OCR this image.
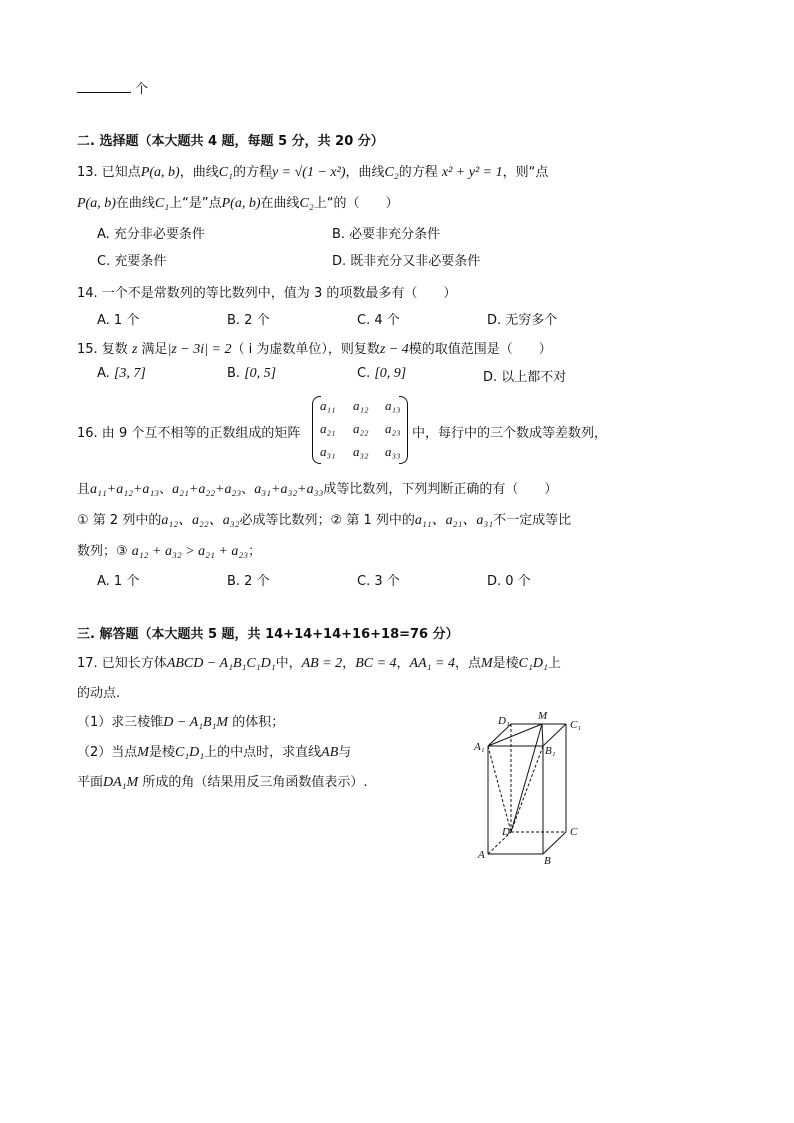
个
二. 选择题（本大题共 4 题，每题 5 分，共 20 分）
13. 已知点P(a, b)，曲线C₁的方程y = √(1 − x²)，曲线C₂的方程 x² + y² = 1，则“点
P(a, b)在曲线C₁上“是”点P(a, b)在曲线C₂上“的（　　）
A. 充分非必要条件	B. 必要非充分条件
C. 充要条件	D. 既非充分又非必要条件
14. 一个不是常数列的等比数列中，值为 3 的项数最多有（　　）
A. 1 个	B. 2 个	C. 4 个	D. 无穷多个
15. 复数 z 满足|z − 3i| = 2（ i 为虚数单位），则复数z − 4模的取值范围是（　　）
A. [3, 7]	B. [0, 5]	C. [0, 9]	D. 以上都不对
16. 由 9 个互不相等的正数组成的矩阵
a₁₁ a₁₂ a₁₃
a₂₁ a₂₂ a₂₃
a₃₁ a₃₂ a₃₃
中，每行中的三个数成等差数列，
且a₁₁+a₁₂+a₁₃、a₂₁+a₂₂+a₂₃、a₃₁+a₃₂+a₃₃成等比数列，下列判断正确的有（　　）
① 第 2 列中的a₁₂、a₂₂、a₃₂必成等比数列；② 第 1 列中的a₁₁、a₂₁、a₃₁不一定成等比
数列；③ a₁₂ + a₃₂ > a₂₁ + a₂₃；
A. 1 个	B. 2 个	C. 3 个	D. 0 个
三. 解答题（本大题共 5 题，共 14+14+14+16+18=76 分）
17. 已知长方体ABCD − A₁B₁C₁D₁中，AB = 2，BC = 4，AA₁ = 4，点M是棱C₁D₁上
的动点.
（1）求三棱锥D − A₁B₁M 的体积；
（2）当点M是棱C₁D₁上的中点时，求直线AB与
平面DA₁M 所成的角（结果用反三角函数值表示）.
D₁	M
C₁
A₁	B₁
D	C
A	B
